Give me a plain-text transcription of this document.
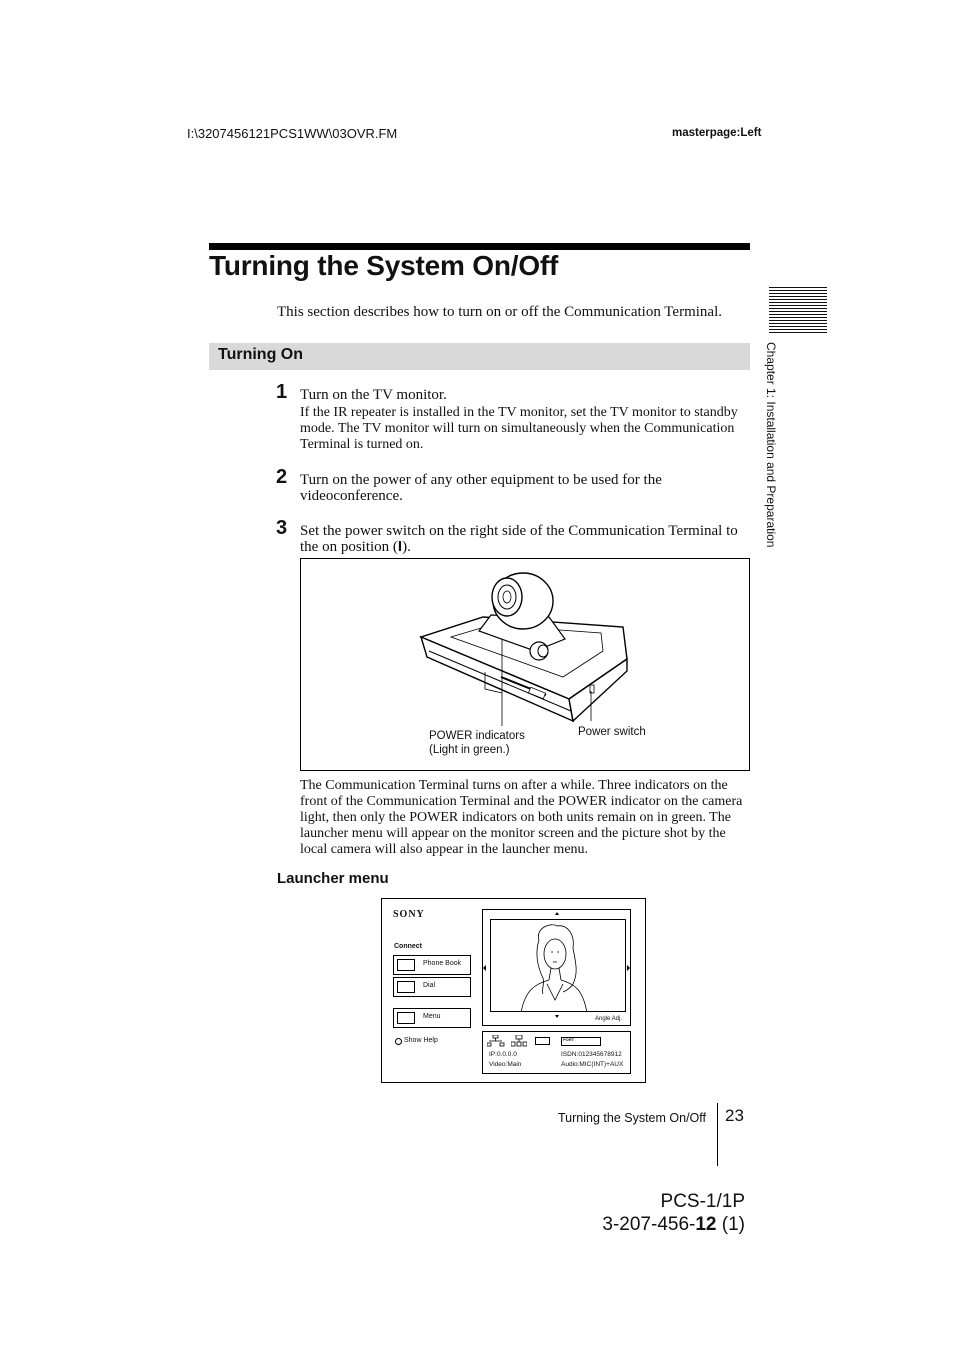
I:\3207456121PCS1WW\03OVR.FM	masterpage:Left
Turning the System On/Off
Chapter 1: Installation and Preparation
This section describes how to turn on or off the Communication Terminal.
Turning On
1 Turn on the TV monitor.
If the IR repeater is installed in the TV monitor, set the TV monitor to standby mode. The TV monitor will turn on simultaneously when the Communication Terminal is turned on.
2 Turn on the power of any other equipment to be used for the videoconference.
3 Set the power switch on the right side of the Communication Terminal to the on position (I).
POWER indicators
(Light in green.)
Power switch
The Communication Terminal turns on after a while. Three indicators on the front of the Communication Terminal and the POWER indicator on the camera light, then only the POWER indicators on both units remain on in green. The launcher menu will appear on the monitor screen and the picture shot by the local camera will also appear in the launcher menu.
Launcher menu
SONY
Connect
Phone Book
Dial
Menu
Show Help
Angle Adj.
PORT
IP:0.0.0.0	ISDN:012345678912
Video:Main	Audio:MIC(INT)+AUX
Turning the System On/Off 23
PCS-1/1P
3-207-456-12 (1)
